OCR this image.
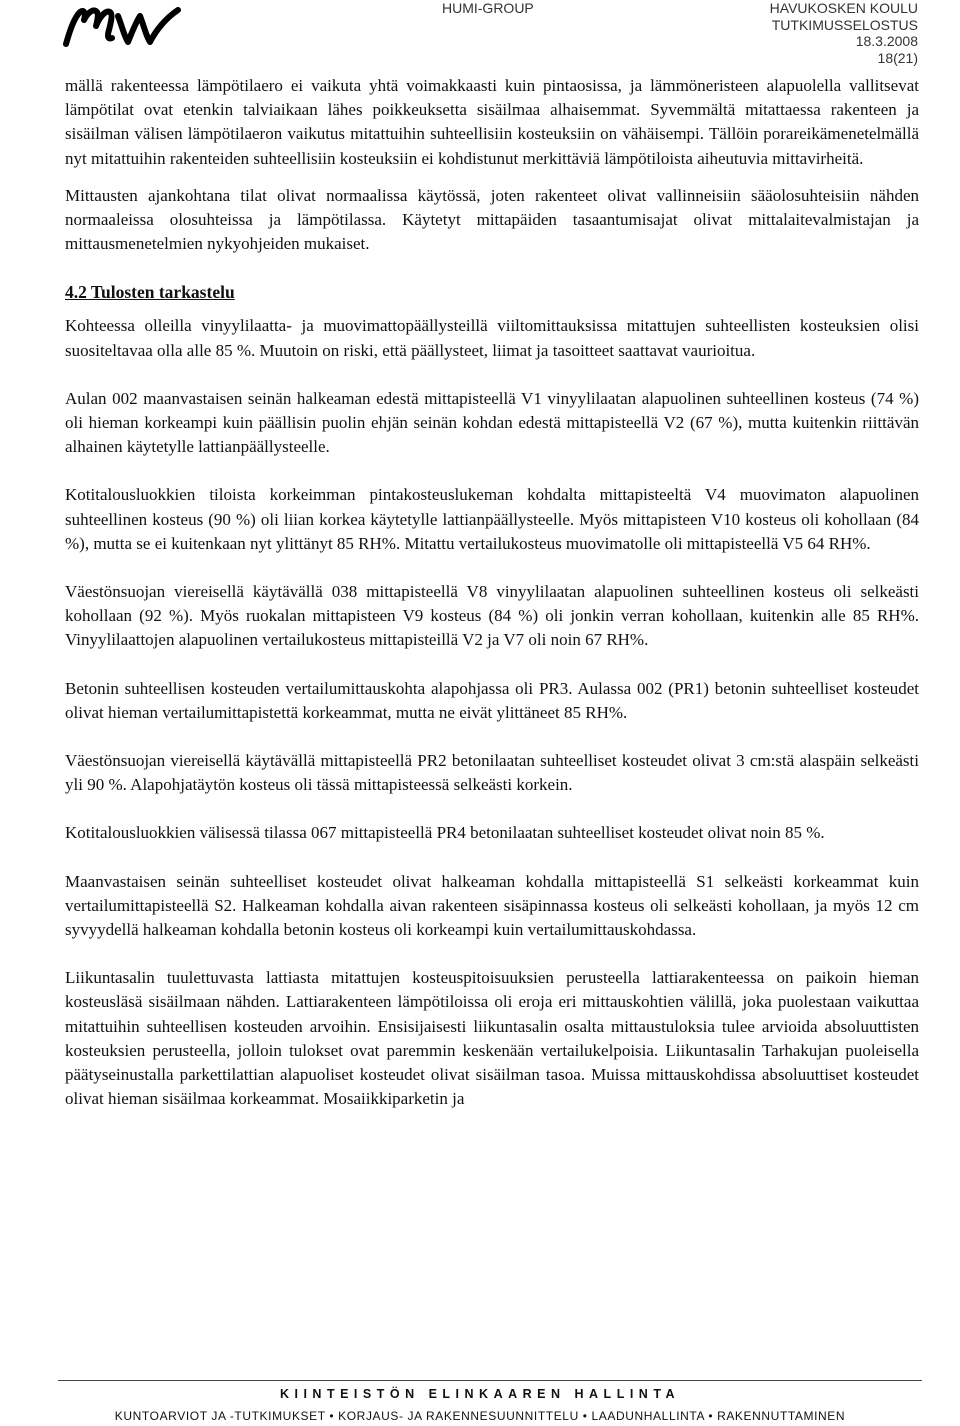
HUMI-GROUP	HAVUKOSKEN KOULU
TUTKIMUSSELOSTUS
18.3.2008
18(21)

mällä rakenteessa lämpötilaero ei vaikuta yhtä voimakkaasti kuin pintaosissa, ja lämmöneristeen alapuolella vallitsevat lämpötilat ovat etenkin talviaikaan lähes poikkeuksetta sisäilmaa alhaisemmat. Syvemmältä mitattaessa rakenteen ja sisäilman välisen lämpötilaeron vaikutus mitattuihin suhteellisiin kosteuksiin on vähäisempi. Tällöin porareikämenetelmällä nyt mitattuihin rakenteiden suhteellisiin kosteuksiin ei kohdistunut merkittäviä lämpötiloista aiheutuvia mittavirheitä.

Mittausten ajankohtana tilat olivat normaalissa käytössä, joten rakenteet olivat vallinneisiin sääolosuhteisiin nähden normaaleissa olosuhteissa ja lämpötilassa. Käytetyt mittapäiden tasaantumisajat olivat mittalaitevalmistajan ja mittausmenetelmien nykyohjeiden mukaiset.

4.2 Tulosten tarkastelu

Kohteessa olleilla vinyylilaatta- ja muovimattopäällysteillä viiltomittauksissa mitattujen suhteellisten kosteuksien olisi suositeltavaa olla alle 85 %. Muutoin on riski, että päällysteet, liimat ja tasoitteet saattavat vaurioitua.

Aulan 002 maanvastaisen seinän halkeaman edestä mittapisteellä V1 vinyylilaatan alapuolinen suhteellinen kosteus (74 %) oli hieman korkeampi kuin päällisin puolin ehjän seinän kohdan edestä mittapisteellä V2 (67 %), mutta kuitenkin riittävän alhainen käytetylle lattianpäällysteelle.

Kotitalousluokkien tiloista korkeimman pintakosteuslukeman kohdalta mittapisteeltä V4 muovimaton alapuolinen suhteellinen kosteus (90 %) oli liian korkea käytetylle lattianpäällysteelle. Myös mittapisteen V10 kosteus oli kohollaan (84 %), mutta se ei kuitenkaan nyt ylittänyt 85 RH%. Mitattu vertailukosteus muovimatolle oli mittapisteellä V5 64 RH%.

Väestönsuojan viereisellä käytävällä 038 mittapisteellä V8 vinyylilaatan alapuolinen suhteellinen kosteus oli selkeästi kohollaan (92 %). Myös ruokalan mittapisteen V9 kosteus (84 %) oli jonkin verran kohollaan, kuitenkin alle 85 RH%. Vinyylilaattojen alapuolinen vertailukosteus mittapisteillä V2 ja V7 oli noin 67 RH%.

Betonin suhteellisen kosteuden vertailumittauskohta alapohjassa oli PR3. Aulassa 002 (PR1) betonin suhteelliset kosteudet olivat hieman vertailumittapistettä korkeammat, mutta ne eivät ylittäneet 85 RH%.

Väestönsuojan viereisellä käytävällä mittapisteellä PR2 betonilaatan suhteelliset kosteudet olivat 3 cm:stä alaspäin selkeästi yli 90 %. Alapohjatäytön kosteus oli tässä mittapisteessä selkeästi korkein.

Kotitalousluokkien välisessä tilassa 067 mittapisteellä PR4 betonilaatan suhteelliset kosteudet olivat noin 85 %.

Maanvastaisen seinän suhteelliset kosteudet olivat halkeaman kohdalla mittapisteellä S1 selkeästi korkeammat kuin vertailumittapisteellä S2. Halkeaman kohdalla aivan rakenteen sisäpinnassa kosteus oli selkeästi kohollaan, ja myös 12 cm syvyydellä halkeaman kohdalla betonin kosteus oli korkeampi kuin vertailumittauskohdassa.

Liikuntasalin tuulettuvasta lattiasta mitattujen kosteuspitoisuuksien perusteella lattiarakenteessa on paikoin hieman kosteusläsä sisäilmaan nähden. Lattiarakenteen lämpötiloissa oli eroja eri mittauskohtien välillä, joka puolestaan vaikuttaa mitattuihin suhteellisen kosteuden arvoihin. Ensisijaisesti liikuntasalin osalta mittaustuloksia tulee arvioida absoluuttisten kosteuksien perusteella, jolloin tulokset ovat paremmin keskenään vertailukelpoisia. Liikuntasalin Tarhakujan puoleisella päätyseinustalla parkettilattian alapuoliset kosteudet olivat sisäilman tasoa. Muissa mittauskohdissa absoluuttiset kosteudet olivat hieman sisäilmaa korkeammat. Mosaiikkiparketin ja

KIINTEISTÖN ELINKAAREN HALLINTA
KUNTOARVIOT JA -TUTKIMUKSET • KORJAUS- JA RAKENNESUUNNITTELU • LAADUNHALLINTA • RAKENNUTTAMINEN
